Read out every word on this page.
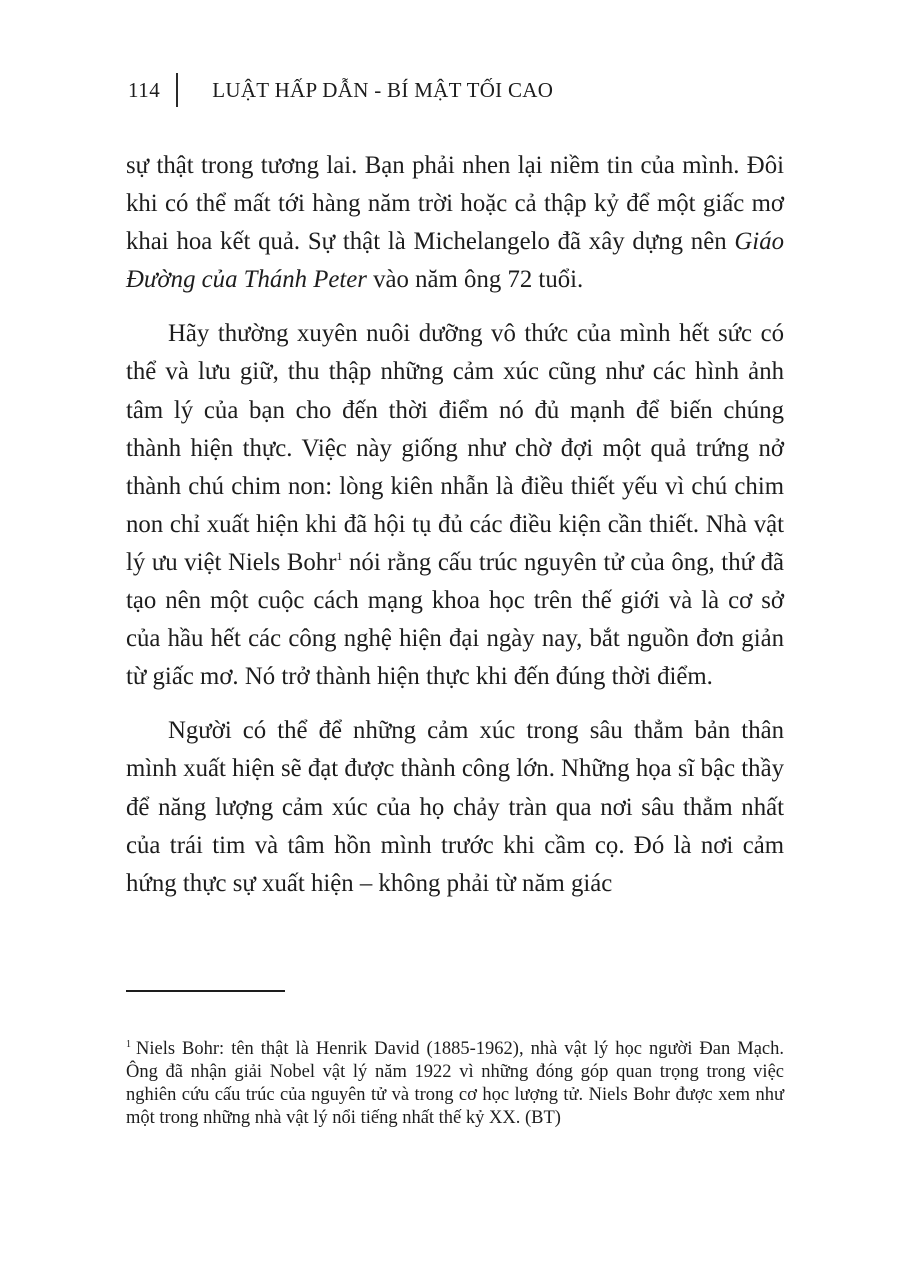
114 LUẬT HẤP DẪN - BÍ MẬT TỐI CAO

sự thật trong tương lai. Bạn phải nhen lại niềm tin của mình. Đôi khi có thể mất tới hàng năm trời hoặc cả thập kỷ để một giấc mơ khai hoa kết quả. Sự thật là Michelangelo đã xây dựng nên Giáo Đường của Thánh Peter vào năm ông 72 tuổi.

Hãy thường xuyên nuôi dưỡng vô thức của mình hết sức có thể và lưu giữ, thu thập những cảm xúc cũng như các hình ảnh tâm lý của bạn cho đến thời điểm nó đủ mạnh để biến chúng thành hiện thực. Việc này giống như chờ đợi một quả trứng nở thành chú chim non: lòng kiên nhẫn là điều thiết yếu vì chú chim non chỉ xuất hiện khi đã hội tụ đủ các điều kiện cần thiết. Nhà vật lý ưu việt Niels Bohr$^1$ nói rằng cấu trúc nguyên tử của ông, thứ đã tạo nên một cuộc cách mạng khoa học trên thế giới và là cơ sở của hầu hết các công nghệ hiện đại ngày nay, bắt nguồn đơn giản từ giấc mơ. Nó trở thành hiện thực khi đến đúng thời điểm.

Người có thể để những cảm xúc trong sâu thẳm bản thân mình xuất hiện sẽ đạt được thành công lớn. Những họa sĩ bậc thầy để năng lượng cảm xúc của họ chảy tràn qua nơi sâu thẳm nhất của trái tim và tâm hồn mình trước khi cầm cọ. Đó là nơi cảm hứng thực sự xuất hiện – không phải từ năm giác

$^1$ Niels Bohr: tên thật là Henrik David (1885-1962), nhà vật lý học người Đan Mạch. Ông đã nhận giải Nobel vật lý năm 1922 vì những đóng góp quan trọng trong việc nghiên cứu cấu trúc của nguyên tử và trong cơ học lượng tử. Niels Bohr được xem như một trong những nhà vật lý nổi tiếng nhất thế kỷ XX. (BT)
